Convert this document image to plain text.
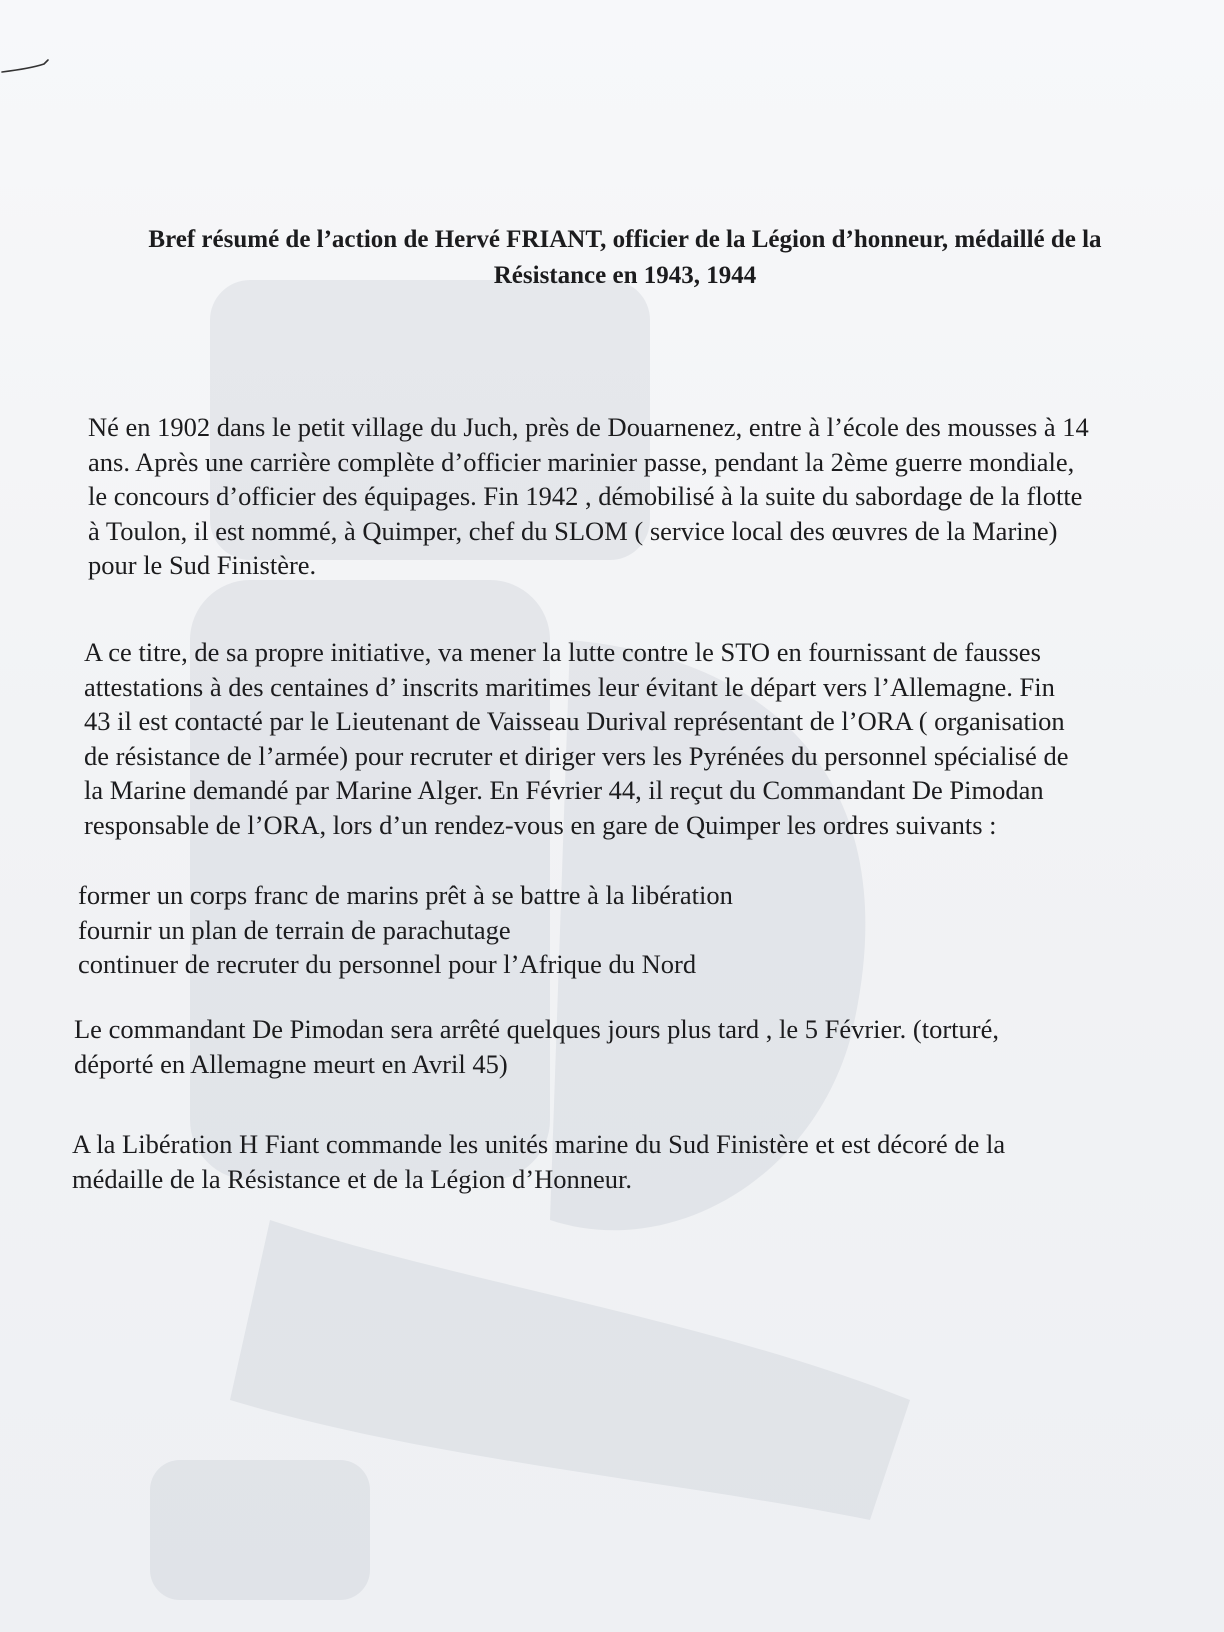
Bref résumé de l’action de Hervé FRIANT, officier de la Légion d’honneur, médaillé de la
Résistance en 1943, 1944

Né en 1902 dans le petit village du Juch, près de Douarnenez, entre à l’école des mousses à 14
ans. Après une carrière complète d’officier marinier passe, pendant la 2ème guerre mondiale,
le concours d’officier des équipages. Fin 1942 , démobilisé à la suite du sabordage de la flotte
à Toulon, il est nommé, à Quimper, chef du SLOM ( service local des œuvres de la Marine)
pour le Sud Finistère.

A ce titre, de sa propre initiative, va mener la lutte contre le STO en fournissant de fausses
attestations à des centaines d’ inscrits maritimes leur évitant le départ vers l’Allemagne. Fin
43 il est contacté par le Lieutenant de Vaisseau Durival représentant de l’ORA ( organisation
de résistance de l’armée) pour recruter et diriger vers les Pyrénées du personnel spécialisé de
la Marine demandé par Marine Alger. En Février 44, il reçut du Commandant De Pimodan
responsable de l’ORA, lors d’un rendez-vous en gare de Quimper les ordres suivants :

former un corps franc de marins prêt à se battre à la libération
fournir un plan de terrain de parachutage
continuer de recruter du personnel pour l’Afrique du Nord

Le commandant De Pimodan sera arrêté quelques jours plus tard , le 5 Février. (torturé,
déporté en Allemagne meurt en Avril 45)

A la Libération H Fiant commande les unités marine du Sud Finistère et est décoré de la
médaille de la Résistance et de la Légion d’Honneur.
